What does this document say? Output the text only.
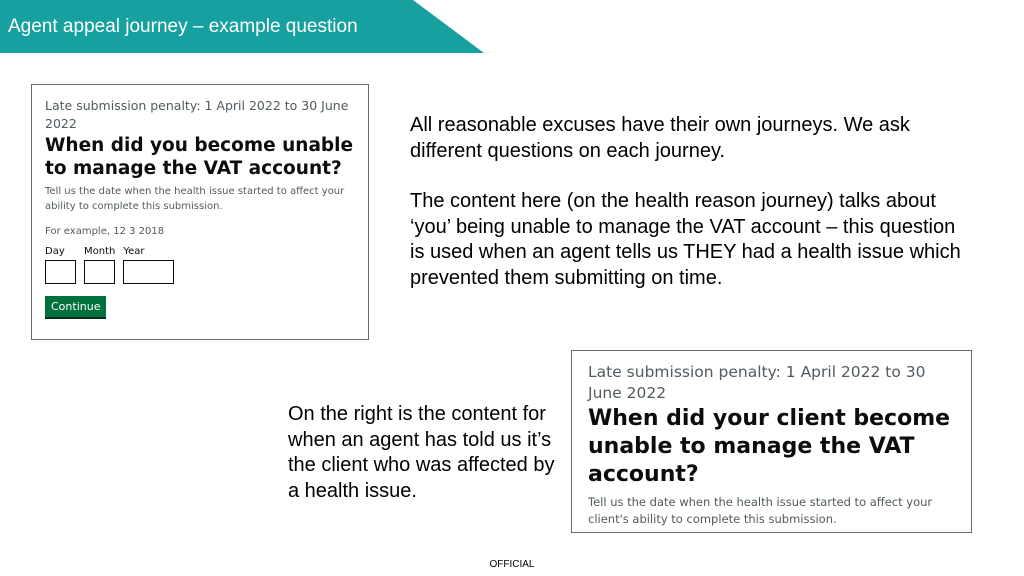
Agent appeal journey – example question
Late submission penalty: 1 April 2022 to 30 June 2022
When did you become unable to manage the VAT account?
Tell us the date when the health issue started to affect your ability to complete this submission.
For example, 12 3 2018
Day	Month Year
Continue

All reasonable excuses have their own journeys. We ask different questions on each journey.

The content here (on the health reason journey) talks about ‘you’ being unable to manage the VAT account – this question is used when an agent tells us THEY had a health issue which prevented them submitting on time.

On the right is the content for when an agent has told us it’s the client who was affected by a health issue.
Late submission penalty: 1 April 2022 to 30 June 2022
When did your client become unable to manage the VAT account?
Tell us the date when the health issue started to affect your client's ability to complete this submission.
OFFICIAL
